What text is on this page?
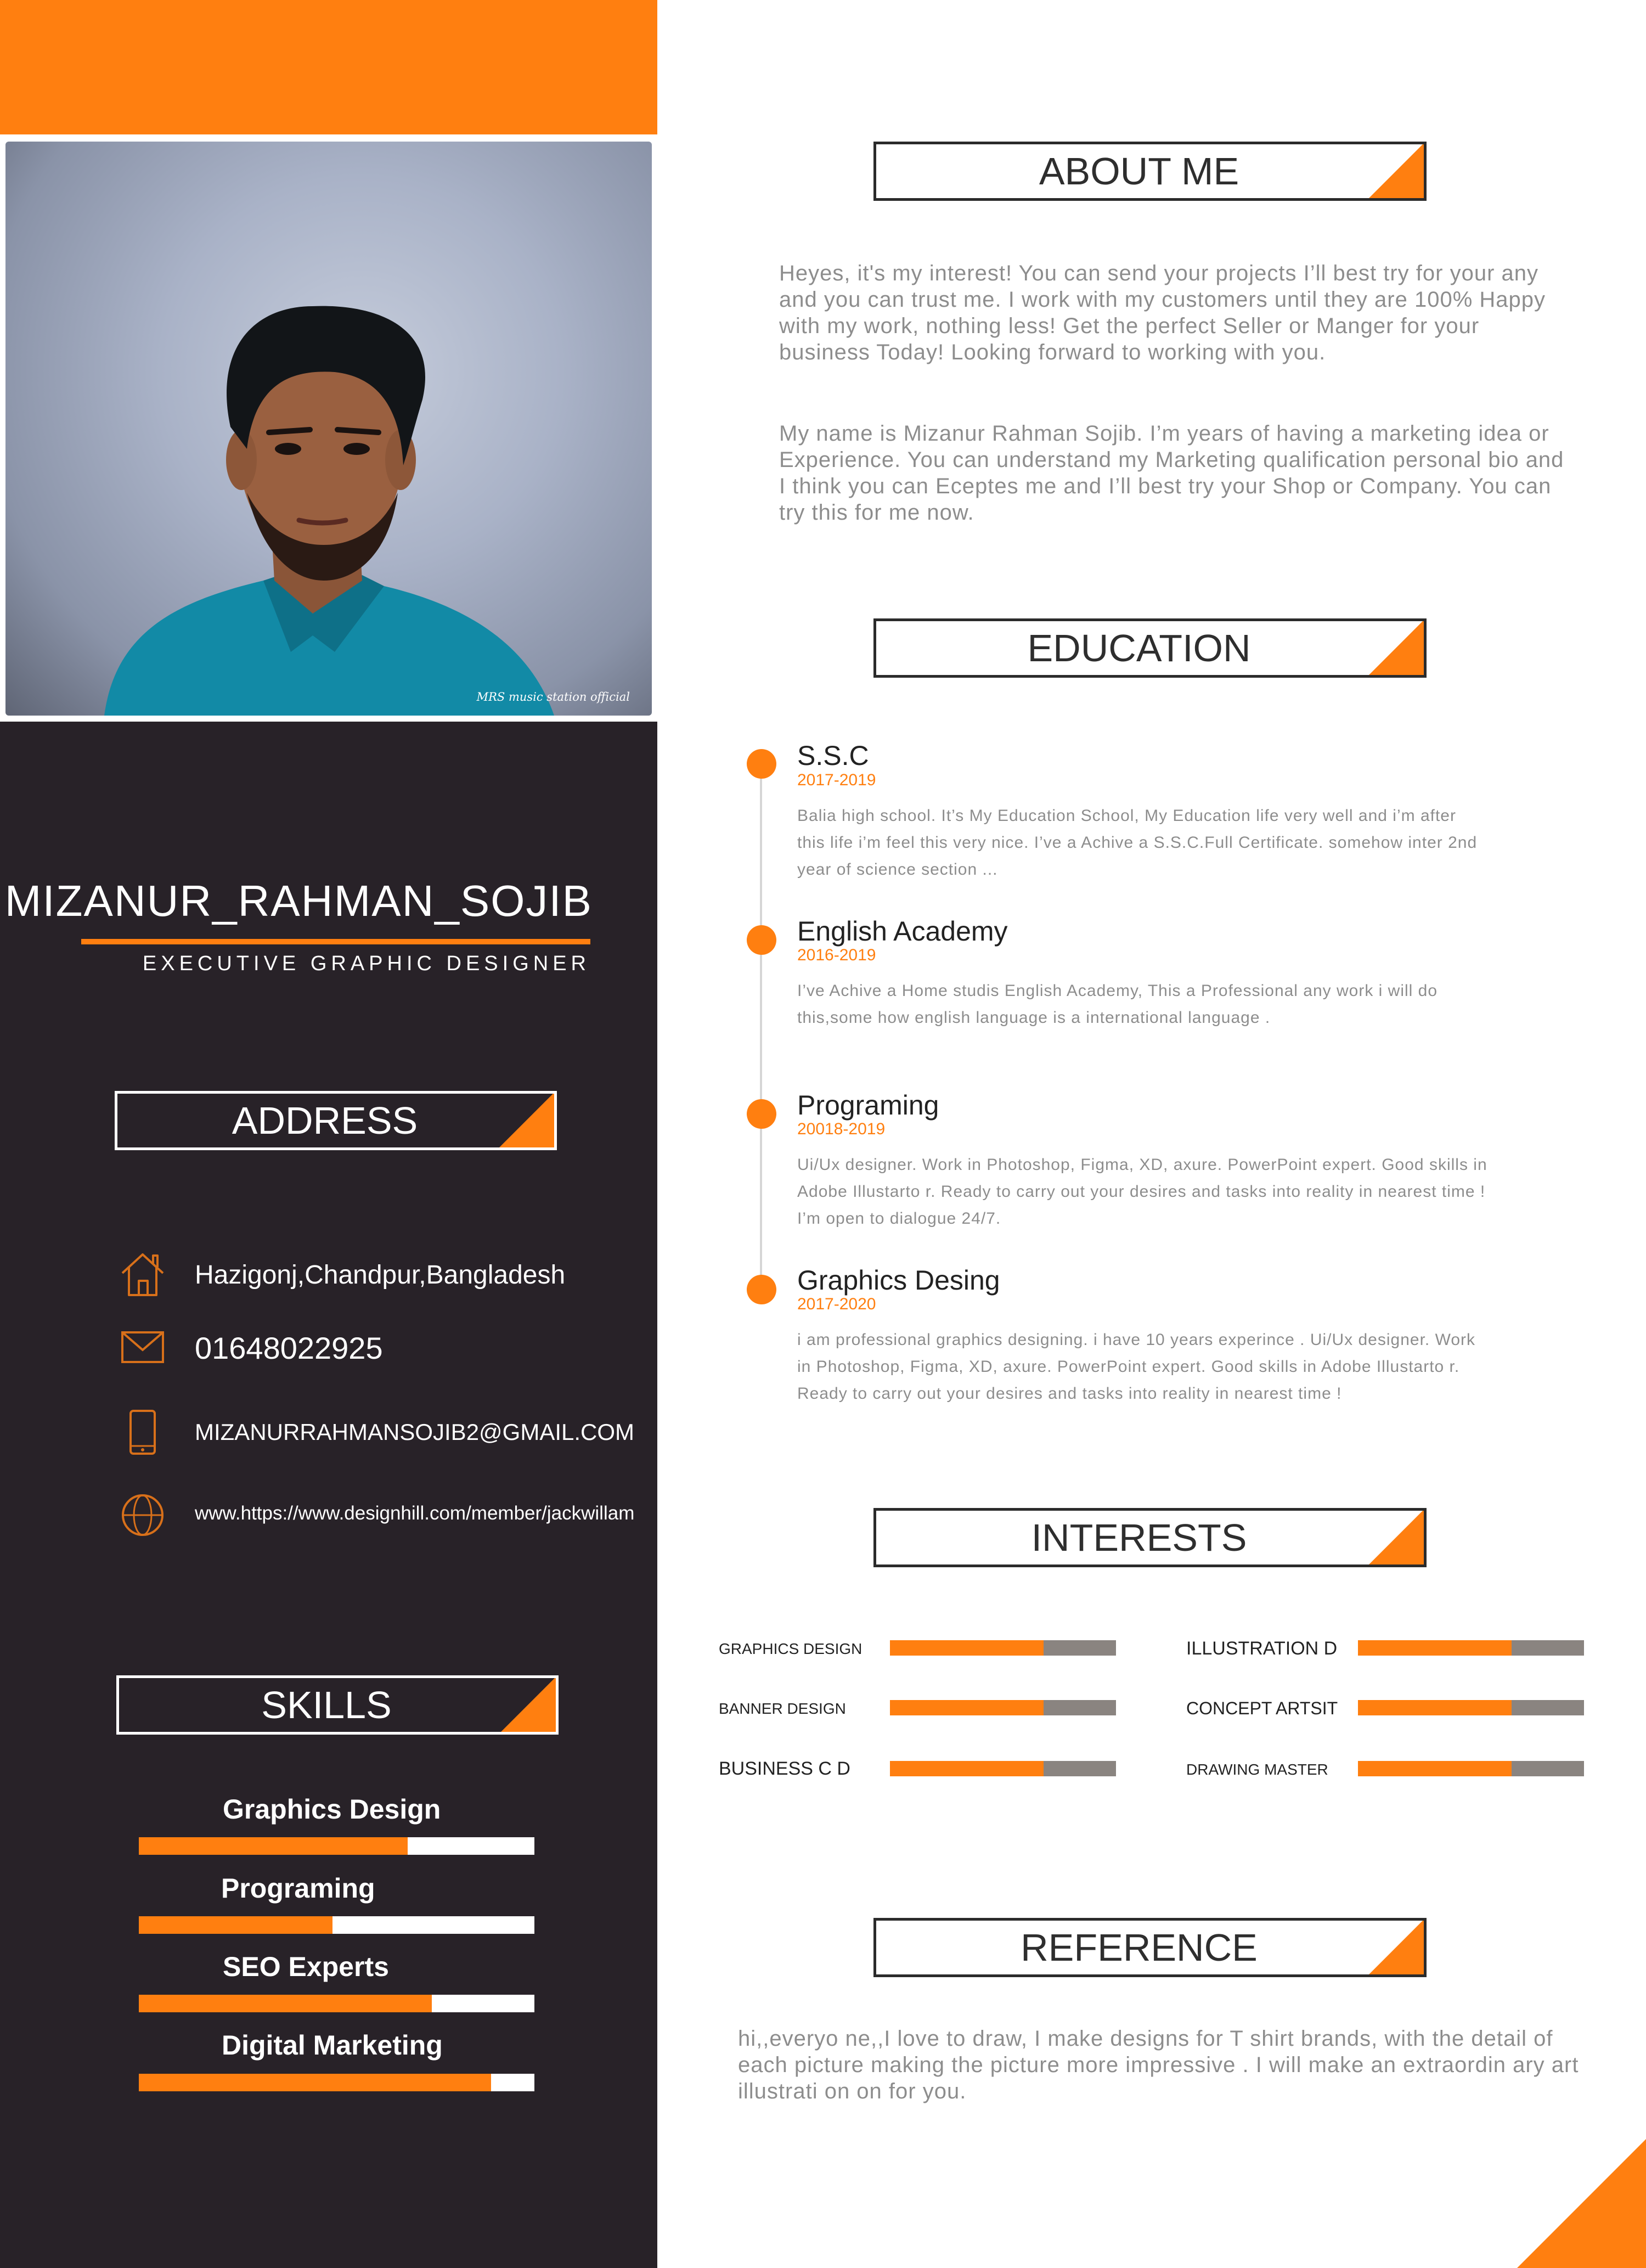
MRS music station official
MIZANUR_RAHMAN_SOJIB
EXECUTIVE GRAPHIC DESIGNER
ADDRESS
Hazigonj,Chandpur,Bangladesh
01648022925
MIZANURRAHMANSOJIB2@GMAIL.COM
www.https://www.designhill.com/member/jackwillam
SKILLS
Graphics Design
Programing
SEO Experts
Digital Marketing
ABOUT ME
Heyes, it's my interest! You can send your projects I’ll best try for your any and you can trust me. I work with my customers until they are 100% Happy with my work, nothing less! Get the perfect Seller or Manger for your business Today! Looking forward to working with you.
My name is Mizanur Rahman Sojib. I’m years of having a marketing idea or Experience. You can understand my Marketing qualification personal bio and I think you can Eceptes me and I’ll best try your Shop or Company. You can try this for me now.
EDUCATION
S.S.C
2017-2019
Balia high school. It’s My Education School, My Education life very well and i’m after this life i’m feel this very nice. I’ve a Achive a S.S.C.Full Certificate. somehow inter 2nd year of science section ...
English Academy
2016-2019
I’ve Achive a Home studis English Academy, This a Professional any work i will do this,some how english language is a international language .
Programing
20018-2019
Ui/Ux designer. Work in Photoshop, Figma, XD, axure. PowerPoint expert. Good skills in Adobe Illustarto r. Ready to carry out your desires and tasks into reality in nearest time ! I’m open to dialogue 24/7.
Graphics Desing
2017-2020
i am professional graphics designing. i have 10 years experince . Ui/Ux designer. Work in Photoshop, Figma, XD, axure. PowerPoint expert. Good skills in Adobe Illustarto r. Ready to carry out your desires and tasks into reality in nearest time !
INTERESTS
GRAPHICS DESIGN
BANNER DESIGN
BUSINESS C D
ILLUSTRATION D
CONCEPT ARTSIT
DRAWING MASTER
REFERENCE
hi,,everyo ne,,I love to draw, I make designs for T shirt brands, with the detail of each picture making the picture more impressive . I will make an extraordin ary art illustrati on on for you.
